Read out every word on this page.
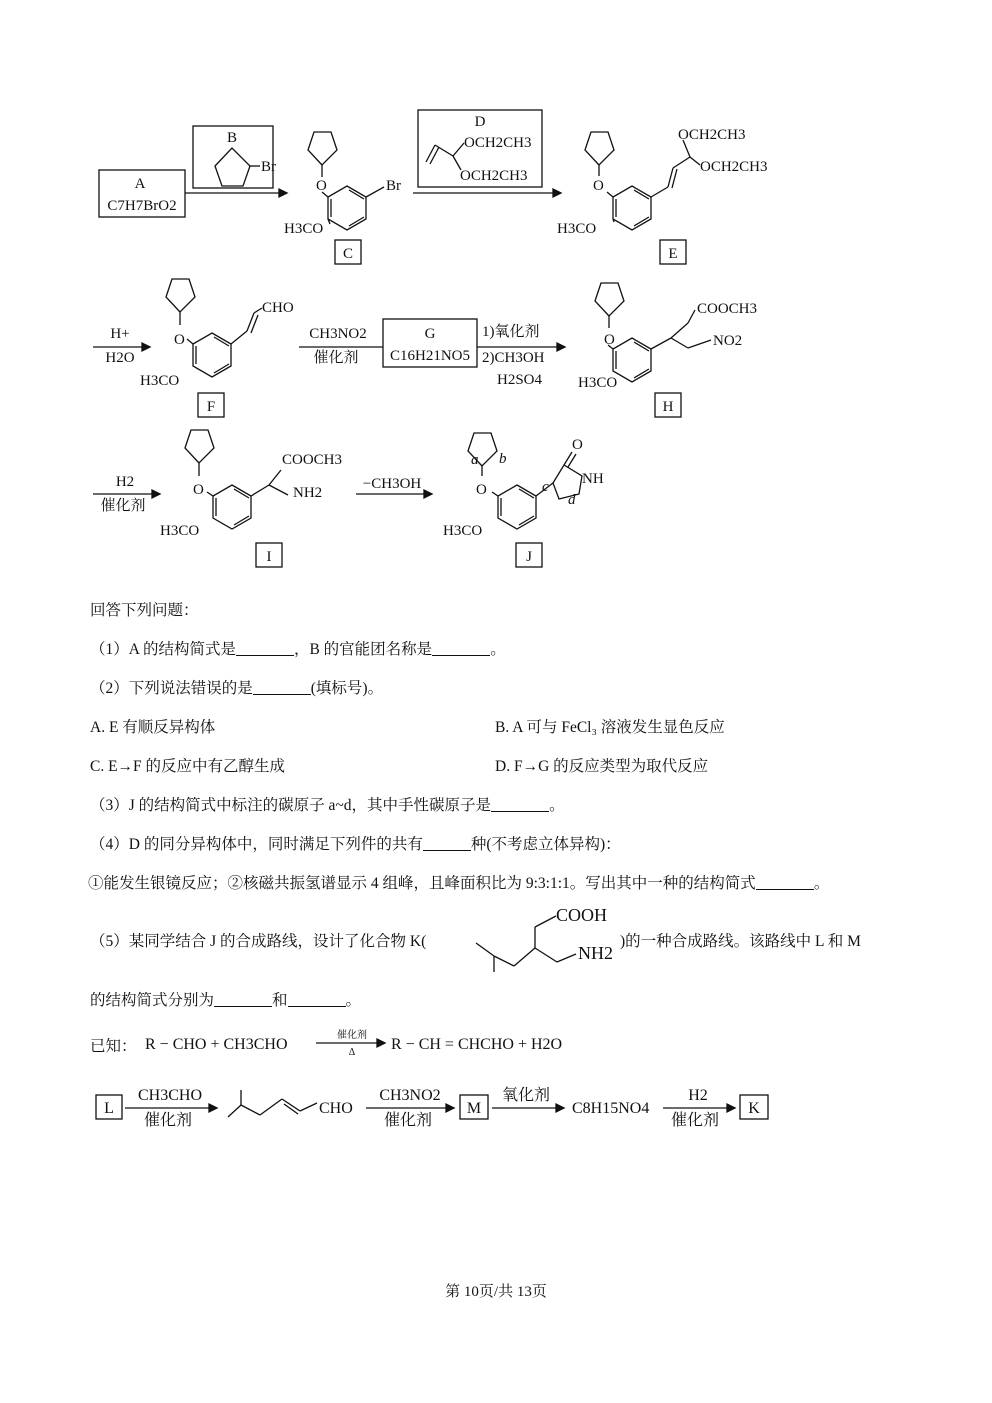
A
C7H7BrO2
B
Br
Br
O
H3CO
C
D
OCH2CH3
OCH2CH3
OCH2CH3
OCH2CH3
O
H3CO
E
H+
H2O
CHO
O
H3CO
F
CH3NO2
催化剂
G
C16H21NO5
1)氧化剂
2)CH3OH
H2SO4
COOCH3
NO2
O
H3CO
H
H2
催化剂
COOCH3
NH2
O
H3CO
I
−CH3OH
O
NH
O
H3CO
a b
c
d
J
COOH
NH2
R − CHO + CH3CHO
催化剂
Δ R − CH = CHCHO + H2O
L
CH3CHO
催化剂
CHO
CH3NO2
催化剂
M
氧化剂
C8H15NO4
H2
催化剂
K
回答下列问题：
（1）A 的结构简式是	，B 的官能团名称是	。
（2）下列说法错误的是	(填标号)。
A. E 有顺反异构体	B. A 可与 FeCl₃ 溶液发生显色反应
C. E→F 的反应中有乙醇生成	D. F→G 的反应类型为取代反应
（3）J 的结构简式中标注的碳原子 a~d，其中手性碳原子是	。
（4）D 的同分异构体中，同时满足下列件的共有	种(不考虑立体异构)：
①能发生银镜反应；②核磁共振氢谱显示 4 组峰，且峰面积比为 9:3:1:1。写出其中一种的结构简式	。
（5）某同学结合 J 的合成路线，设计了化合物 K(	)的一种合成路线。该路线中 L 和 M
的结构简式分别为	和	。
已知：
第 10页/共 13页
